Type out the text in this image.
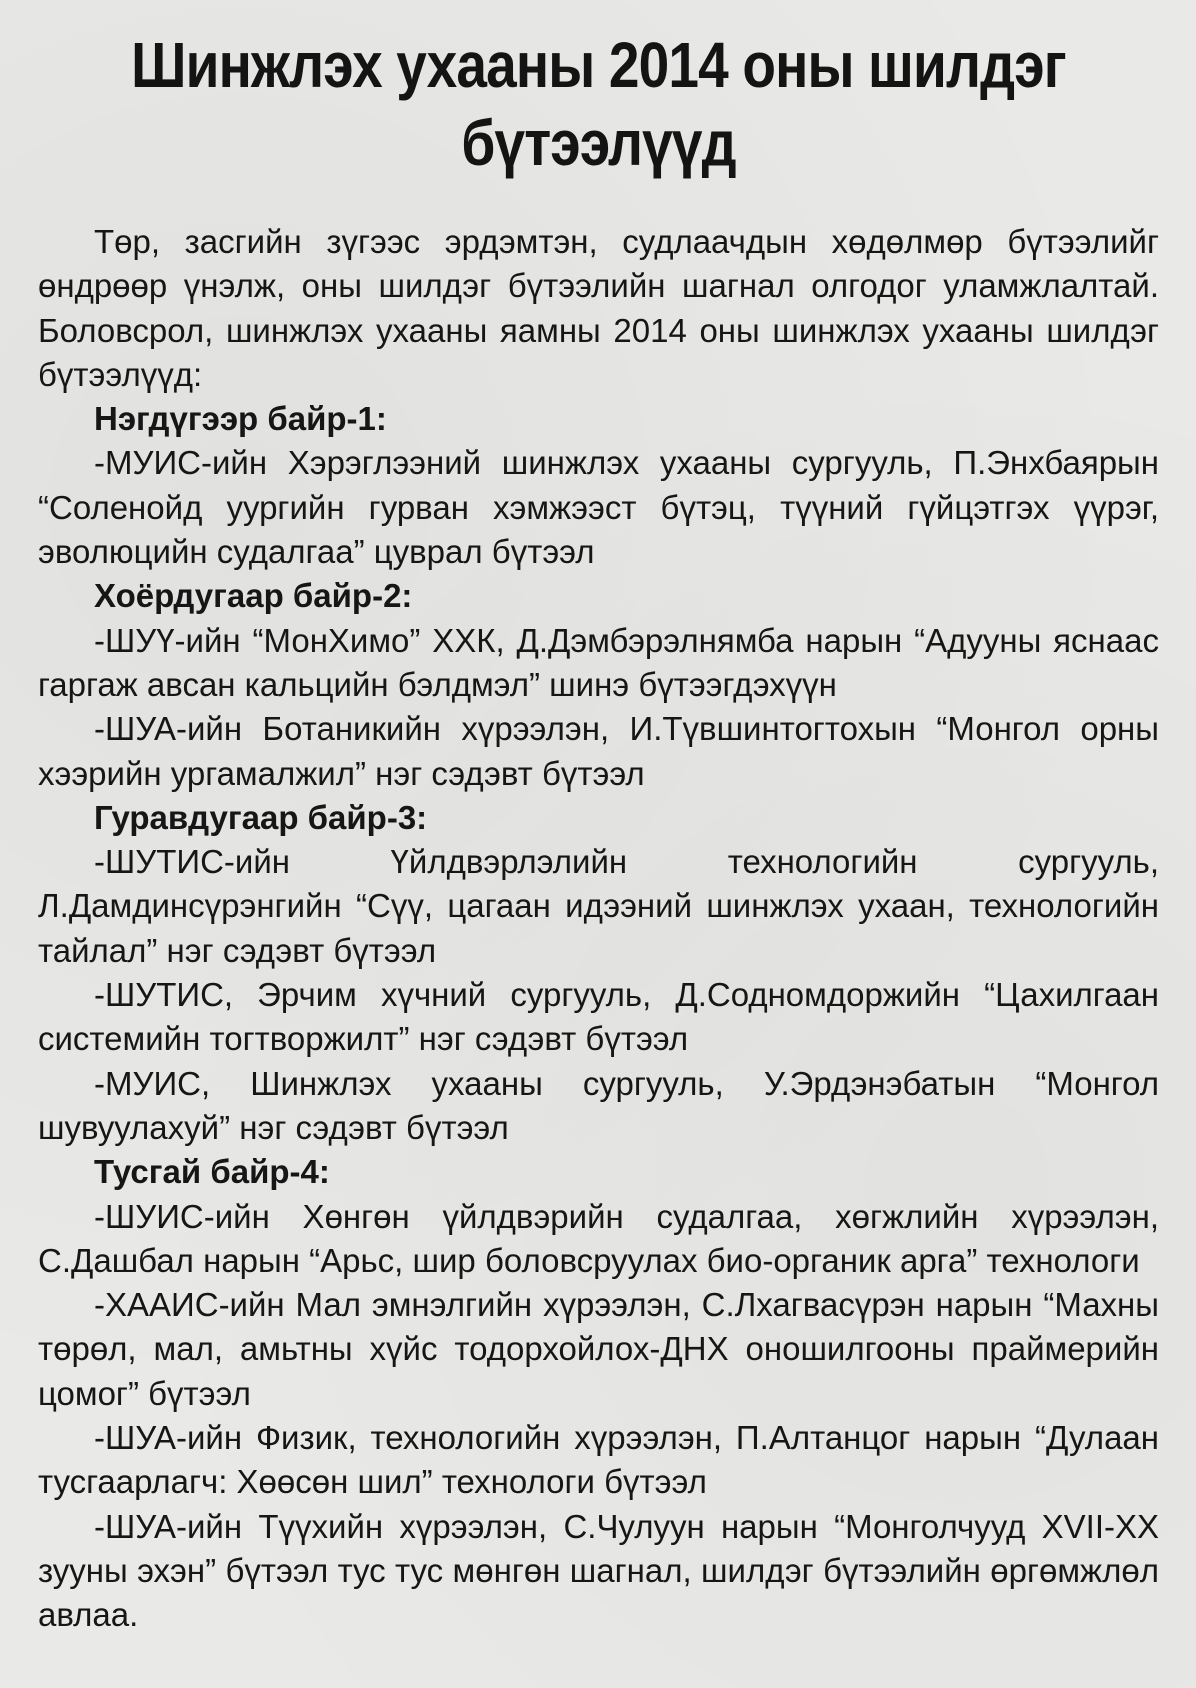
Шинжлэх ухааны 2014 оны шилдэг
бүтээлүүд

Төр, засгийн зүгээс эрдэмтэн, судлаачдын хөдөлмөр бүтээлийг өндрөөр үнэлж, оны шилдэг бүтээлийн шагнал олгодог уламжлалтай. Боловсрол, шинжлэх ухааны яамны 2014 оны шинжлэх ухааны шилдэг бүтээлүүд:

Нэгдүгээр байр-1:

-МУИС-ийн Хэрэглээний шинжлэх ухааны сургууль, П.Энхбаярын “Соленойд уургийн гурван хэмжээст бүтэц, түүний гүйцэтгэх үүрэг, эволюцийн судалгаа” цуврал бүтээл

Хоёрдугаар байр-2:

-ШУҮ-ийн “МонХимо” ХХК, Д.Дэмбэрэлнямба нарын “Адууны яснаас гаргаж авсан кальцийн бэлдмэл” шинэ бүтээгдэхүүн

-ШУА-ийн Ботаникийн хүрээлэн, И.Түвшинтогтохын “Монгол орны хээрийн ургамалжил” нэг сэдэвт бүтээл

Гуравдугаар байр-3:

-ШУТИС-ийн Үйлдвэрлэлийн технологийн сургууль, Л.Дамдинсүрэнгийн “Сүү, цагаан идээний шинжлэх ухаан, технологийн тайлал” нэг сэдэвт бүтээл

-ШУТИС, Эрчим хүчний сургууль, Д.Содномдоржийн “Цахилгаан системийн тогтворжилт” нэг сэдэвт бүтээл

-МУИС, Шинжлэх ухааны сургууль, У.Эрдэнэбатын “Монгол шувуулахуй” нэг сэдэвт бүтээл

Тусгай байр-4:

-ШУИС-ийн Хөнгөн үйлдвэрийн судалгаа, хөгжлийн хүрээлэн, С.Дашбал нарын “Арьс, шир боловсруулах био-органик арга” технологи

-ХААИС-ийн Мал эмнэлгийн хүрээлэн, С.Лхагвасүрэн нарын “Махны төрөл, мал, амьтны хүйс тодорхойлох-ДНХ оношилгооны праймерийн цомог” бүтээл

-ШУА-ийн Физик, технологийн хүрээлэн, П.Алтанцог нарын “Дулаан тусгаарлагч: Хөөсөн шил” технологи бүтээл

-ШУА-ийн Түүхийн хүрээлэн, С.Чулуун нарын “Монголчууд XVII-XX зууны эхэн” бүтээл тус тус мөнгөн шагнал, шилдэг бүтээлийн өргөмжлөл авлаа.
